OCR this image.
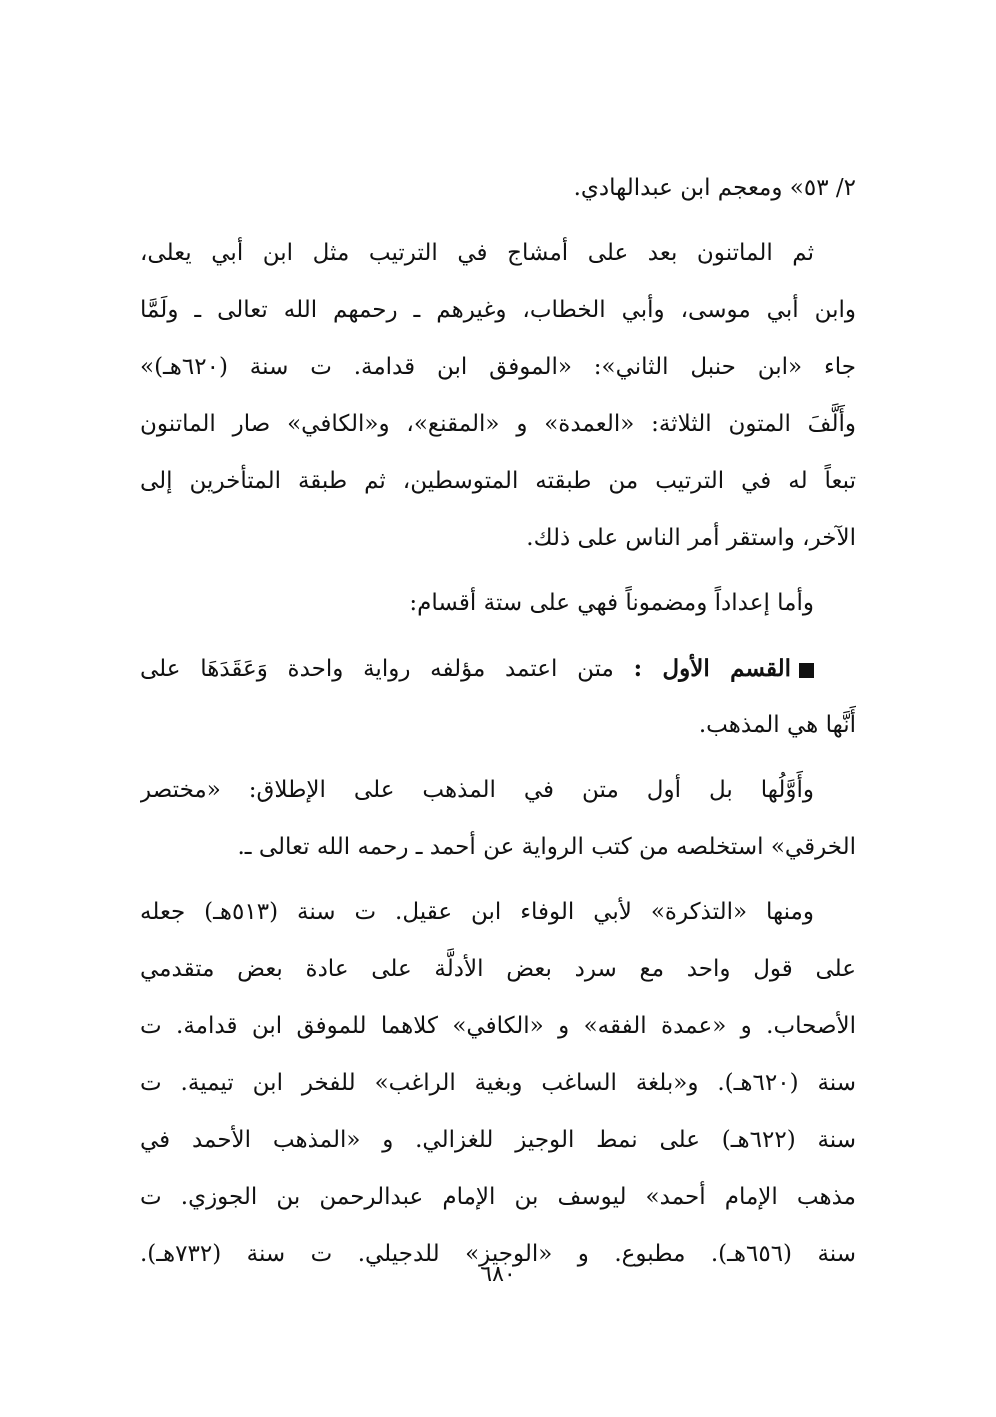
٢/ ٥٣» ومعجم ابن عبدالهادي.
ثم الماتنون بعد على أمشاج في الترتيب مثل ابن أبي يعلى،
وابن أبي موسى، وأبي الخطاب، وغيرهم ـ رحمهم الله تعالى ـ ولَمَّا
جاء «ابن حنبل الثاني»: «الموفق ابن قدامة. ت سنة (٦٢٠هـ)»
وأَلَّفَ المتون الثلاثة: «العمدة» و «المقنع»، و«الكافي» صار الماتنون
تبعاً له في الترتيب من طبقته المتوسطين، ثم طبقة المتأخرين إلى
الآخر، واستقر أمر الناس على ذلك.
وأما إعداداً ومضموناً فهي على ستة أقسام:
القسم الأول : متن اعتمد مؤلفه رواية واحدة وَعَقَدَهَا على
أَنَّها هي المذهب.
وأَوَّلُها بل أول متن في المذهب على الإطلاق: «مختصر
الخرقي» استخلصه من كتب الرواية عن أحمد ـ رحمه الله تعالى ـ.
ومنها «التذكرة» لأبي الوفاء ابن عقيل. ت سنة (٥١٣هـ) جعله
على قول واحد مع سرد بعض الأدلَّة على عادة بعض متقدمي
الأصحاب. و «عمدة الفقه» و «الكافي» كلاهما للموفق ابن قدامة. ت
سنة (٦٢٠هـ). و«بلغة الساغب وبغية الراغب» للفخر ابن تيمية. ت
سنة (٦٢٢هـ) على نمط الوجيز للغزالي. و «المذهب الأحمد في
مذهب الإمام أحمد» ليوسف بن الإمام عبدالرحمن بن الجوزي. ت
سنة (٦٥٦هـ). مطبوع. و «الوجيز» للدجيلي. ت سنة (٧٣٢هـ).
٦٨٠
